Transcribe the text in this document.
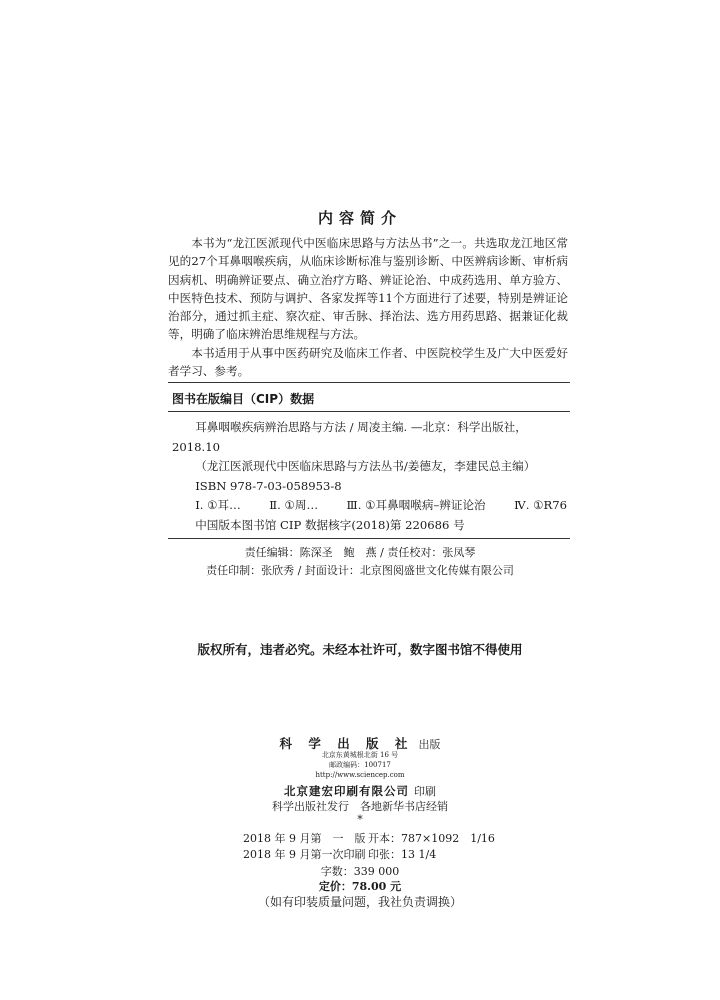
内容简介

本书为“龙江医派现代中医临床思路与方法丛书”之一。共选取龙江地区常见的27个耳鼻咽喉疾病，从临床诊断标准与鉴别诊断、中医辨病诊断、审析病因病机、明确辨证要点、确立治疗方略、辨证论治、中成药选用、单方验方、中医特色技术、预防与调护、各家发挥等11个方面进行了述要，特别是辨证论治部分，通过抓主症、察次症、审舌脉、择治法、选方用药思路、据兼证化裁等，明确了临床辨治思维规程与方法。

本书适用于从事中医药研究及临床工作者、中医院校学生及广大中医爱好者学习、参考。

图书在版编目（CIP）数据
耳鼻咽喉疾病辨治思路与方法 / 周凌主编. —北京：科学出版社，
2018.10
（龙江医派现代中医临床思路与方法丛书/姜德友，李建民总主编）
ISBN 978-7-03-058953-8
Ⅰ. ①耳… Ⅱ. ①周… Ⅲ. ①耳鼻咽喉病–辨证论治 Ⅳ. ①R76
中国版本图书馆 CIP 数据核字(2018)第 220686 号
责任编辑：陈深圣　鲍　燕 / 责任校对：张凤琴
责任印制：张欣秀 / 封面设计：北京图阅盛世文化传媒有限公司
版权所有，违者必究。未经本社许可，数字图书馆不得使用
科 学 出 版 社 出版
北京东黄城根北街 16 号
邮政编码：100717
http://www.sciencep.com
北京建宏印刷有限公司 印刷
科学出版社发行　各地新华书店经销
*
2018 年 9 月第　一　版 开本：787×1092　1/16
2018 年 9 月第一次印刷 印张：13 1/4
字数：339 000
定价：78.00 元
（如有印装质量问题，我社负责调换）
